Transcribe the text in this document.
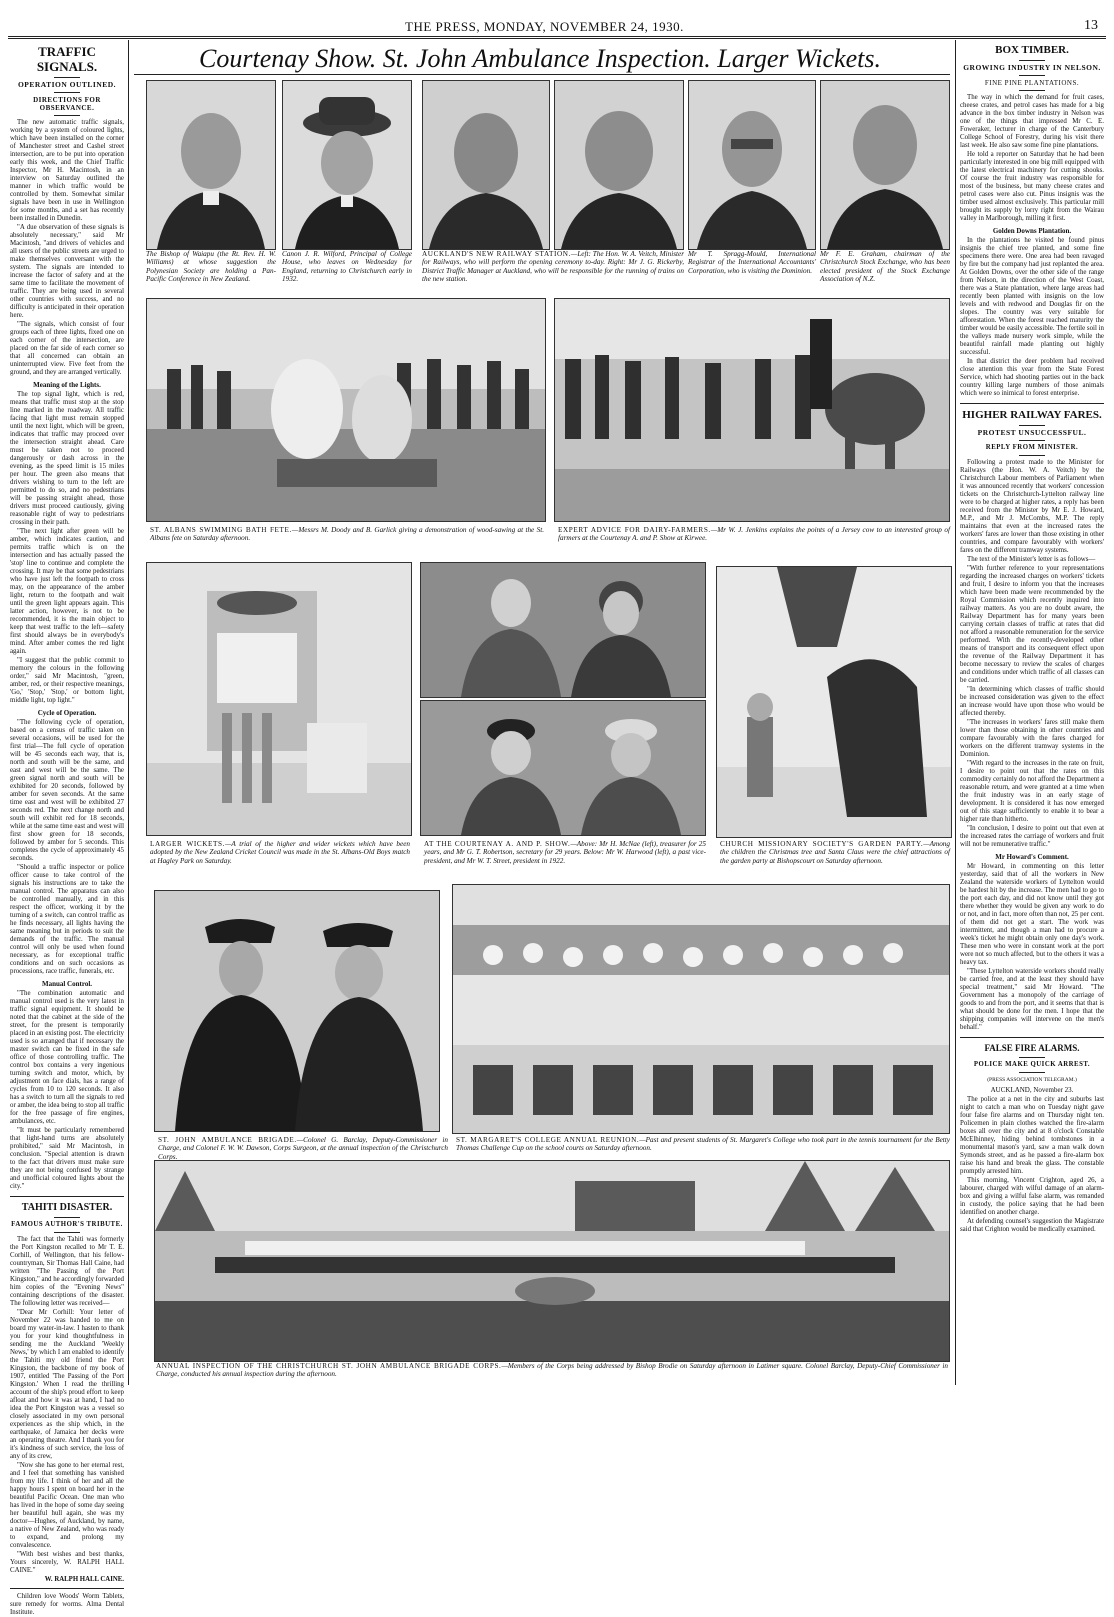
THE PRESS, MONDAY, NOVEMBER 24, 1930.	13
Courtenay Show. St. John Ambulance Inspection. Larger Wickets.
TRAFFIC SIGNALS.
OPERATION OUTLINED.
DIRECTIONS FOR OBSERVANCE.

The new automatic traffic signals, working by a system of coloured lights, which have been installed on the corner of Manchester street and Cashel street intersection, are to be put into operation early this week, and the Chief Traffic Inspector, Mr H. Macintosh, in an interview on Saturday outlined the manner in which traffic would be controlled by them. Somewhat similar signals have been in use in Wellington for some months, and a set has recently been installed in Dunedin.

"A due observation of these signals is absolutely necessary," said Mr Macintosh, "and drivers of vehicles and all users of the public streets are urged to make themselves conversant with the system. The signals are intended to increase the factor of safety and at the same time to facilitate the movement of traffic. They are being used in several other countries with success, and no difficulty is anticipated in their operation here.

"The signals, which consist of four groups each of three lights, fixed one on each corner of the intersection, are placed on the far side of each corner so that all concerned can obtain an uninterrupted view. Five feet from the ground, and they are arranged vertically.

Meaning of the Lights.

The top signal light, which is red, means that traffic must stop at the stop line marked in the roadway. All traffic facing that light must remain stopped until the next light, which will be green, indicates that traffic may proceed over the intersection straight ahead. Care must be taken not to proceed dangerously or dash across in the evening, as the speed limit is 15 miles per hour. The green also means that drivers wishing to turn to the left are permitted to do so, and no pedestrians will be passing straight ahead, those drivers must proceed cautiously, giving reasonable right of way to pedestrians crossing in their path.

"The next light after green will be amber, which indicates caution, and permits traffic which is on the intersection and has actually passed the 'stop' line to continue and complete the crossing. It may be that some pedestrians who have just left the footpath to cross may, on the appearance of the amber light, return to the footpath and wait until the green light appears again. This latter action, however, is not to be recommended, it is the main object to keep that west traffic to the left—safety first should always be in everybody's mind. After amber comes the red light again.

"I suggest that the public commit to memory the colours in the following order," said Mr Macintosh, "green, amber, red, or their respective meanings, 'Go,' 'Stop,' 'Stop,' or bottom light, middle light, top light."

Cycle of Operation.

"The following cycle of operation, based on a census of traffic taken on several occasions, will be used for the first trial—The full cycle of operation will be 45 seconds each way, that is, north and south will be the same, and east and west will be the same. The green signal north and south will be exhibited for 20 seconds, followed by amber for seven seconds. At the same time east and west will be exhibited 27 seconds red. The next change north and south will exhibit red for 18 seconds, while at the same time east and west will first show green for 18 seconds, followed by amber for 5 seconds. This completes the cycle of approximately 45 seconds.

"Should a traffic inspector or police officer cause to take control of the signals his instructions are to take the manual control. The apparatus can also be controlled manually, and in this respect the officer, working it by the turning of a switch, can control traffic as he finds necessary, all lights having the same meaning but in periods to suit the demands of the traffic. The manual control will only be used when found necessary, as for exceptional traffic conditions and on such occasions as processions, race traffic, funerals, etc.

Manual Control.

"The combination automatic and manual control used is the very latest in traffic signal equipment. It should be noted that the cabinet at the side of the street, for the present is temporarily placed in an existing post. The electricity used is so arranged that if necessary the master switch can be fixed in the safe office of those controlling traffic. The control box contains a very ingenious turning switch and motor, which, by adjustment on face dials, has a range of cycles from 10 to 120 seconds. It also has a switch to turn all the signals to red or amber, the idea being to stop all traffic for the free passage of fire engines, ambulances, etc.

"It must be particularly remembered that light-hand turns are absolutely prohibited," said Mr Macintosh, in conclusion. "Special attention is drawn to the fact that drivers must make sure they are not being confused by strange and unofficial coloured lights about the city."

TAHITI DISASTER.
FAMOUS AUTHOR'S TRIBUTE.

The fact that the Tahiti was formerly the Port Kingston recalled to Mr T. E. Corhill, of Wellington, that his fellow-countryman, Sir Thomas Hall Caine, had written "The Passing of the Port Kingston," and he accordingly forwarded him copies of the "Evening News" containing descriptions of the disaster. The following letter was received—

"Dear Mr Corhill: Your letter of November 22 was handed to me on board my water-in-law. I hasten to thank you for your kind thoughtfulness in sending me the Auckland 'Weekly News,' by which I am enabled to identify the Tahiti my old friend the Port Kingston, the backbone of my book of 1907, entitled 'The Passing of the Port Kingston.' When I read the thrilling account of the ship's proud effort to keep afloat and how it was at hand, I had no idea the Port Kingston was a vessel so closely associated in my own personal experiences as the ship which, in the earthquake, of Jamaica her decks were an operating theatre. And I thank you for it's kindness of such service, the loss of any of its crew,

"Now she has gone to her eternal rest, and I feel that something has vanished from my life. I think of her and all the happy hours I spent on board her in the beautiful Pacific Ocean. One man who has lived in the hope of some day seeing her beautiful hull again, she was my doctor—Hughes, of Auckland, by name, a native of New Zealand, who was ready to expand, and prolong my convalescence.

"With best wishes and best thanks, Yours sincerely, W. RALPH HALL CAINE."

W. RALPH HALL CAINE.

Children love Woods' Worm Tablets, sure remedy for worms. Alma Dental Institute.

BOX TIMBER.
GROWING INDUSTRY IN NELSON.
FINE PINE PLANTATIONS.

The way in which the demand for fruit cases, cheese crates, and petrol cases has made for a big advance in the box timber industry in Nelson was one of the things that impressed Mr C. E. Foweraker, lecturer in charge of the Canterbury College School of Forestry, during his visit there last week. He also saw some fine pine plantations.

He told a reporter on Saturday that he had been particularly interested in one big mill equipped with the latest electrical machinery for cutting shooks. Of course the fruit industry was responsible for most of the business, but many cheese crates and petrol cases were also cut. Pinus insignis was the timber used almost exclusively. This particular mill brought its supply by lorry right from the Wairau valley in Marlborough, milling it first.

Golden Downs Plantation.

In the plantations he visited he found pinus insignis the chief tree planted, and some fine specimens there were. One area had been ravaged by fire but the company had just replanted the area. At Golden Downs, over the other side of the range from Nelson, in the direction of the West Coast, there was a State plantation, where large areas had recently been planted with insignis on the low levels and with redwood and Douglas fir on the slopes. The country was very suitable for afforestation. When the forest reached maturity the timber would be easily accessible. The fertile soil in the valleys made nursery work simple, while the beautiful rainfall made planting out highly successful.

In that district the deer problem had received close attention this year from the State Forest Service, which had shooting parties out in the back country killing large numbers of those animals which were so inimical to forest enterprise.

HIGHER RAILWAY FARES.
PROTEST UNSUCCESSFUL.
REPLY FROM MINISTER.

Following a protest made to the Minister for Railways (the Hon. W. A. Veitch) by the Christchurch Labour members of Parliament when it was announced recently that workers' concession tickets on the Christchurch-Lyttelton railway line were to be charged at higher rates, a reply has been received from the Minister by Mr E. J. Howard, M.P., and Mr J. McCombs, M.P. The reply maintains that even at the increased rates the workers' fares are lower than those existing in other countries, and compare favourably with workers' fares on the different tramway systems.

The text of the Minister's letter is as follows—

"With further reference to your representations regarding the increased charges on workers' tickets and fruit, I desire to inform you that the increases which have been made were recommended by the Royal Commission which recently inquired into railway matters. As you are no doubt aware, the Railway Department has for many years been carrying certain classes of traffic at rates that did not afford a reasonable remuneration for the service performed. With the recently-developed other means of transport and its consequent effect upon the revenue of the Railway Department it has become necessary to review the scales of charges and conditions under which traffic of all classes can be carried.

"In determining which classes of traffic should be increased consideration was given to the effect an increase would have upon those who would be affected thereby.

"The increases in workers' fares still make them lower than those obtaining in other countries and compare favourably with the fares charged for workers on the different tramway systems in the Dominion.

"With regard to the increases in the rate on fruit, I desire to point out that the rates on this commodity certainly do not afford the Department a reasonable return, and were granted at a time when the fruit industry was in an early stage of development. It is considered it has now emerged out of this stage sufficiently to enable it to bear a higher rate than hitherto.

"In conclusion, I desire to point out that even at the increased rates the carriage of workers and fruit will not be remunerative traffic."

Mr Howard's Comment.

Mr Howard, in commenting on this letter yesterday, said that of all the workers in New Zealand the waterside workers of Lyttelton would be hardest hit by the increase. The men had to go to the port each day, and did not know until they got there whether they would be given any work to do or not, and in fact, more often than not, 25 per cent. of them did not get a start. The work was intermittent, and though a man had to procure a week's ticket he might obtain only one day's work. These men who were in constant work at the port were not so much affected, but to the others it was a heavy tax.

"These Lyttelton waterside workers should really be carried free, and at the least they should have special treatment," said Mr Howard. "The Government has a monopoly of the carriage of goods to and from the port, and it seems that that is what should be done for the men. I hope that the shipping companies will intervene on the men's behalf."

FALSE FIRE ALARMS.
POLICE MAKE QUICK ARREST.
(PRESS ASSOCIATION TELEGRAM.)
AUCKLAND, November 23.

The police at a net in the city and suburbs last night to catch a man who on Tuesday night gave four false fire alarms and on Thursday night ten. Policemen in plain clothes watched the fire-alarm boxes all over the city and at 8 o'clock Constable McElhinney, hiding behind tombstones in a monumental mason's yard, saw a man walk down Symonds street, and as he passed a fire-alarm box raise his hand and break the glass. The constable promptly arrested him.

This morning, Vincent Crighton, aged 26, a labourer, charged with wilful damage of an alarm-box and giving a wilful false alarm, was remanded in custody, the police saying that he had been identified on another charge.

At defending counsel's suggestion the Magistrate said that Crighton would be medically examined.

The Bishop of Waiapu (the Rt. Rev. H. W. Williams) at whose suggestion the Polynesian Society are holding a Pan-Pacific Conference in New Zealand.
Canon J. R. Wilford, Principal of College House, who leaves on Wednesday for England, returning to Christchurch early in 1932.
AUCKLAND'S NEW RAILWAY STATION.—Left: The Hon. W. A. Veitch, Minister for Railways, who will perform the opening ceremony to-day. Right: Mr J. G. Rickerby, District Traffic Manager at Auckland, who will be responsible for the running of trains on the new station.
Mr T. Spragg-Mould, International Registrar of the International Accountants' Corporation, who is visiting the Dominion.
Mr F. E. Graham, chairman of the Christchurch Stock Exchange, who has been elected president of the Stock Exchange Association of N.Z.
ST. ALBANS SWIMMING BATH FETE.—Messrs M. Doody and B. Garlick giving a demonstration of wood-sawing at the St. Albans fete on Saturday afternoon.
EXPERT ADVICE FOR DAIRY-FARMERS.—Mr W. J. Jenkins explains the points of a Jersey cow to an interested group of farmers at the Courtenay A. and P. Show at Kirwee.
LARGER WICKETS.—A trial of the higher and wider wickets which have been adopted by the New Zealand Cricket Council was made in the St. Albans-Old Boys match at Hagley Park on Saturday.
AT THE COURTENAY A. AND P. SHOW.—Above: Mr H. McNae (left), treasurer for 25 years, and Mr G. T. Robertson, secretary for 29 years. Below: Mr W. Harwood (left), a past vice-president, and Mr W. T. Street, president in 1922.
CHURCH MISSIONARY SOCIETY'S GARDEN PARTY.—Among the children the Christmas tree and Santa Claus were the chief attractions of the garden party at Bishopscourt on Saturday afternoon.
ST. JOHN AMBULANCE BRIGADE.—Colonel G. Barclay, Deputy-Commissioner in Charge, and Colonel F. W. W. Dawson, Corps Surgeon, at the annual inspection of the Christchurch Corps.
ST. MARGARET'S COLLEGE ANNUAL REUNION.—Past and present students of St. Margaret's College who took part in the tennis tournament for the Betty Thomas Challenge Cup on the school courts on Saturday afternoon.
ANNUAL INSPECTION OF THE CHRISTCHURCH ST. JOHN AMBULANCE BRIGADE CORPS.—Members of the Corps being addressed by Bishop Brodie on Saturday afternoon in Latimer square. Colonel Barclay, Deputy-Chief Commissioner in Charge, conducted his annual inspection during the afternoon.
